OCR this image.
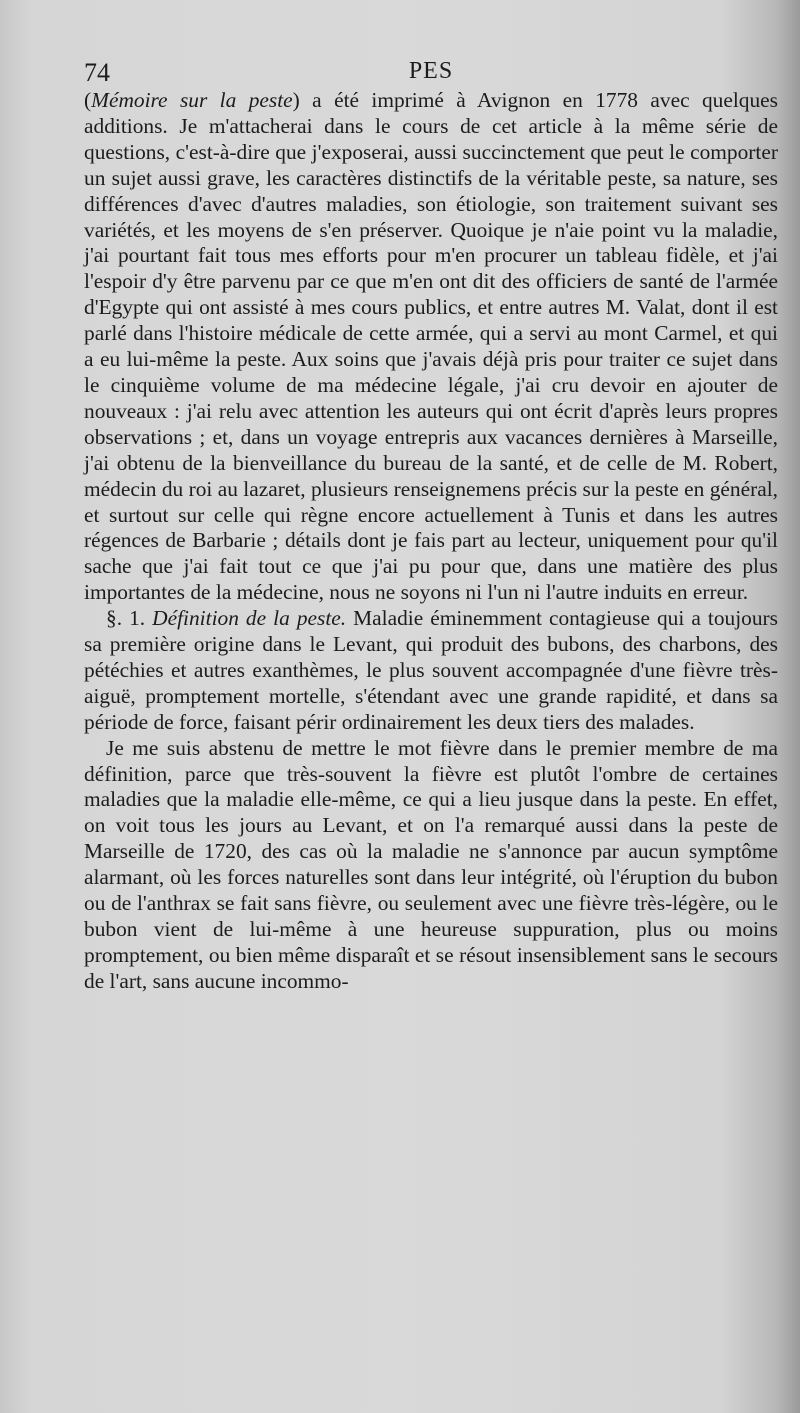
74	PES

(Mémoire sur la peste) a été imprimé à Avignon en 1778 avec quelques additions. Je m'attacherai dans le cours de cet article à la même série de questions, c'est-à-dire que j'exposerai, aussi succinctement que peut le comporter un sujet aussi grave, les caractères distinctifs de la véritable peste, sa nature, ses différences d'avec d'autres maladies, son étiologie, son traitement suivant ses variétés, et les moyens de s'en préserver. Quoique je n'aie point vu la maladie, j'ai pourtant fait tous mes efforts pour m'en procurer un tableau fidèle, et j'ai l'espoir d'y être parvenu par ce que m'en ont dit des officiers de santé de l'armée d'Egypte qui ont assisté à mes cours publics, et entre autres M. Valat, dont il est parlé dans l'histoire médicale de cette armée, qui a servi au mont Carmel, et qui a eu lui-même la peste. Aux soins que j'avais déjà pris pour traiter ce sujet dans le cinquième volume de ma médecine légale, j'ai cru devoir en ajouter de nouveaux : j'ai relu avec attention les auteurs qui ont écrit d'après leurs propres observations ; et, dans un voyage entrepris aux vacances dernières à Marseille, j'ai obtenu de la bienveillance du bureau de la santé, et de celle de M. Robert, médecin du roi au lazaret, plusieurs renseignemens précis sur la peste en général, et surtout sur celle qui règne encore actuellement à Tunis et dans les autres régences de Barbarie ; détails dont je fais part au lecteur, uniquement pour qu'il sache que j'ai fait tout ce que j'ai pu pour que, dans une matière des plus importantes de la médecine, nous ne soyons ni l'un ni l'autre induits en erreur.

§. 1. Définition de la peste. Maladie éminemment contagieuse qui a toujours sa première origine dans le Levant, qui produit des bubons, des charbons, des pétéchies et autres exanthèmes, le plus souvent accompagnée d'une fièvre très-aiguë, promptement mortelle, s'étendant avec une grande rapidité, et dans sa période de force, faisant périr ordinairement les deux tiers des malades.

Je me suis abstenu de mettre le mot fièvre dans le premier membre de ma définition, parce que très-souvent la fièvre est plutôt l'ombre de certaines maladies que la maladie elle-même, ce qui a lieu jusque dans la peste. En effet, on voit tous les jours au Levant, et on l'a remarqué aussi dans la peste de Marseille de 1720, des cas où la maladie ne s'annonce par aucun symptôme alarmant, où les forces naturelles sont dans leur intégrité, où l'éruption du bubon ou de l'anthrax se fait sans fièvre, ou seulement avec une fièvre très-légère, ou le bubon vient de lui-même à une heureuse suppuration, plus ou moins promptement, ou bien même disparaît et se résout insensiblement sans le secours de l'art, sans aucune incommo-
